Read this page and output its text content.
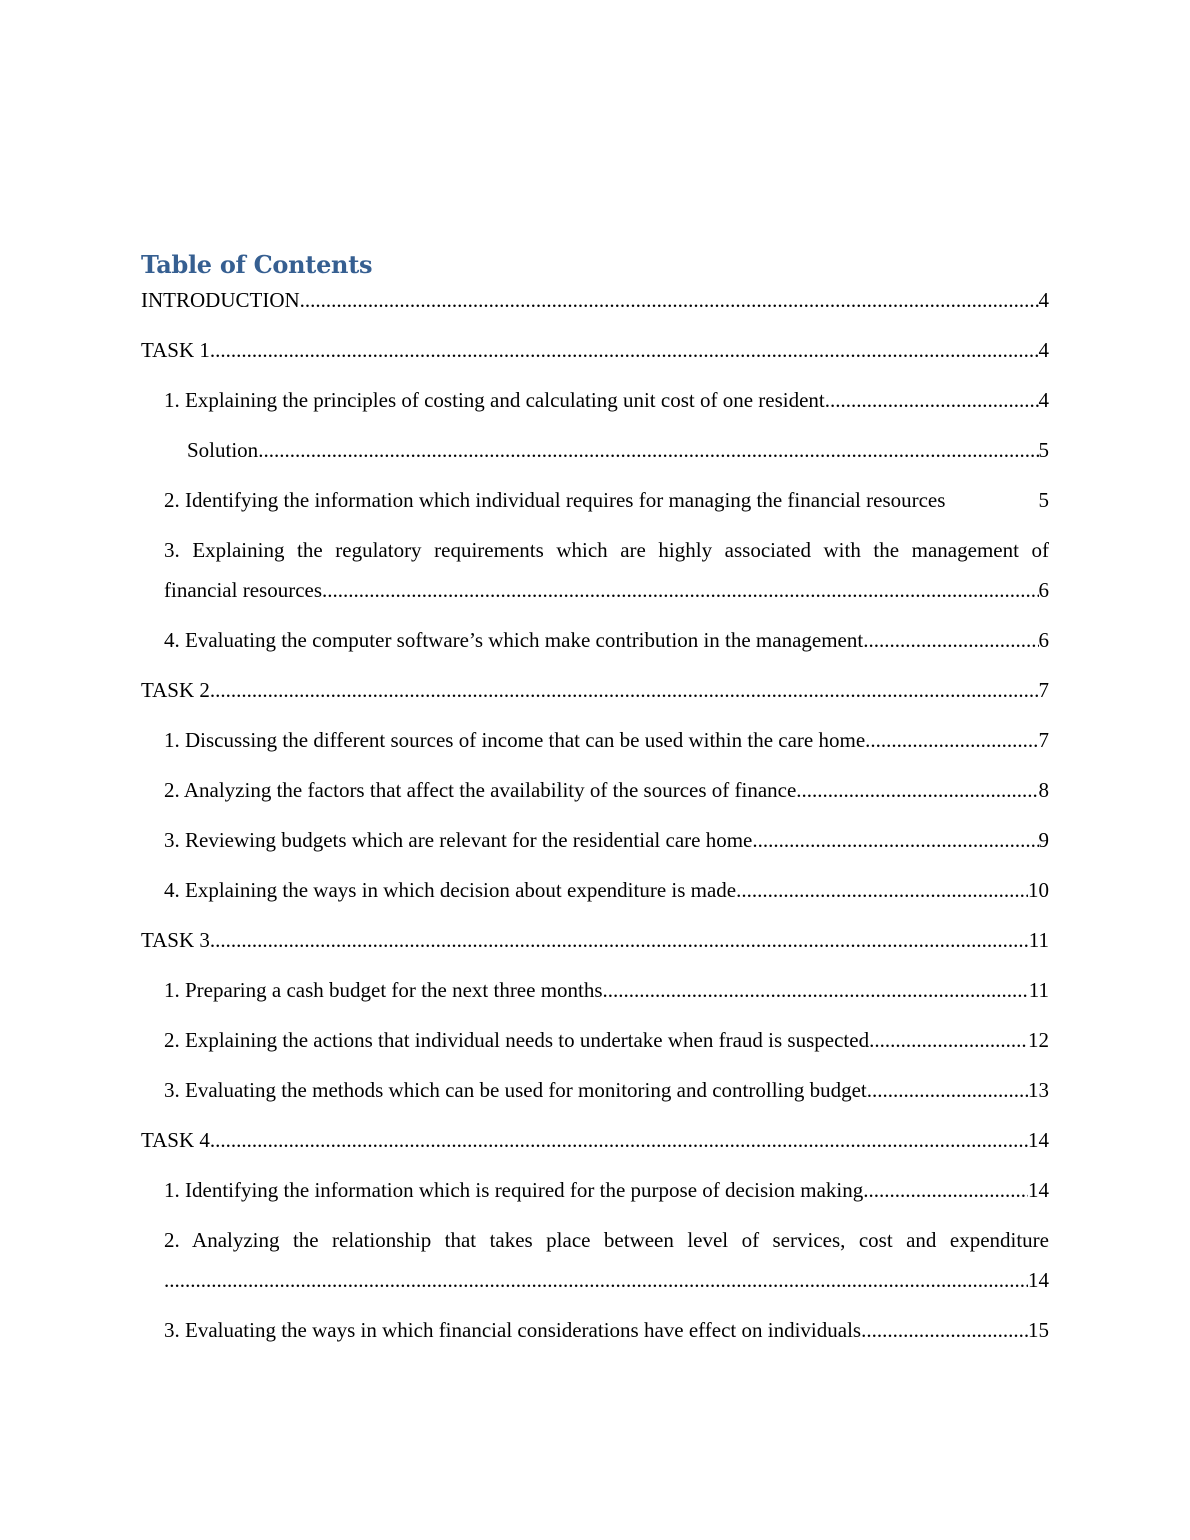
Table of Contents
INTRODUCTION .....	4
TASK 1 .....	4
1. Explaining the principles of costing and calculating unit cost of one resident .....	4
Solution .....	5
2. Identifying the information which individual requires for managing the financial resources	5
3. Explaining the regulatory requirements which are highly associated with the management of
financial resources .....	6
4. Evaluating the computer software’s which make contribution in the management .....	6
TASK 2 .....	7
1. Discussing the different sources of income that can be used within the care home .....	7
2. Analyzing the factors that affect the availability of the sources of finance .....	8
3. Reviewing budgets which are relevant for the residential care home .....	9
4. Explaining the ways in which decision about expenditure is made .....	10
TASK 3 .....	11
1. Preparing a cash budget for the next three months .....	11
2. Explaining the actions that individual needs to undertake when fraud is suspected .....	12
3. Evaluating the methods which can be used for monitoring and controlling budget .....	13
TASK 4 .....	14
1. Identifying the information which is required for the purpose of decision making .....	14
2. Analyzing the relationship that takes place between level of services, cost and expenditure
.....
14
3. Evaluating the ways in which financial considerations have effect on individuals .....	15
